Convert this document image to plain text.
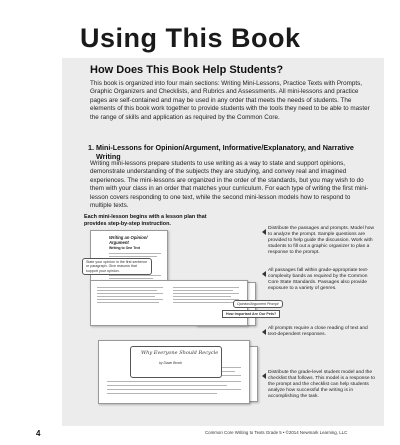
Using This Book
How Does This Book Help Students?
This book is organized into four main sections: Writing Mini-Lessons, Practice Texts with Prompts, Graphic Organizers and Checklists, and Rubrics and Assessments. All mini-lessons and practice pages are self-contained and may be used in any order that meets the needs of students. The elements of this book work together to provide students with the tools they need to be able to master the range of skills and application as required by the Common Core.
1. Mini-Lessons for Opinion/Argument, Informative/Explanatory, and Narrative Writing
Writing mini-lessons prepare students to use writing as a way to state and support opinions, demonstrate understanding of the subjects they are studying, and convey real and imagined experiences. The mini-lessons are organized in the order of the standards, but you may wish to do them with your class in an order that matches your curriculum. For each type of writing the first mini-lesson covers responding to one text, while the second mini-lesson models how to respond to multiple texts.
Each mini-lesson begins with a lesson plan that provides step-by-step instruction.
Writing an Opinion/ Argument
Writing to One Text
State your opinion in the first sentence or paragraph. Give reasons that support your opinion.
Opinion/Argument Prompt
How Important Are Our Pets?
Why Everyone Should Recycle
by Dawn Brook
Distribute the passages and prompts. Model how to analyze the prompt. Sample questions are provided to help guide the discussion. Work with students to fill out a graphic organizer to plan a response to the prompt.
All passages fall within grade-appropriate text-complexity bands as required by the Common Core State Standards. Passages also provide exposure to a variety of genres.
All prompts require a close reading of text and text-dependent responses.
Distribute the grade-level student model and the checklist that follows. This model is a response to the prompt and the checklist can help students analyze how successful the writing is in accomplishing the task.
4	Common Core Writing to Texts Grade 5 • ©2014 Newmark Learning, LLC
